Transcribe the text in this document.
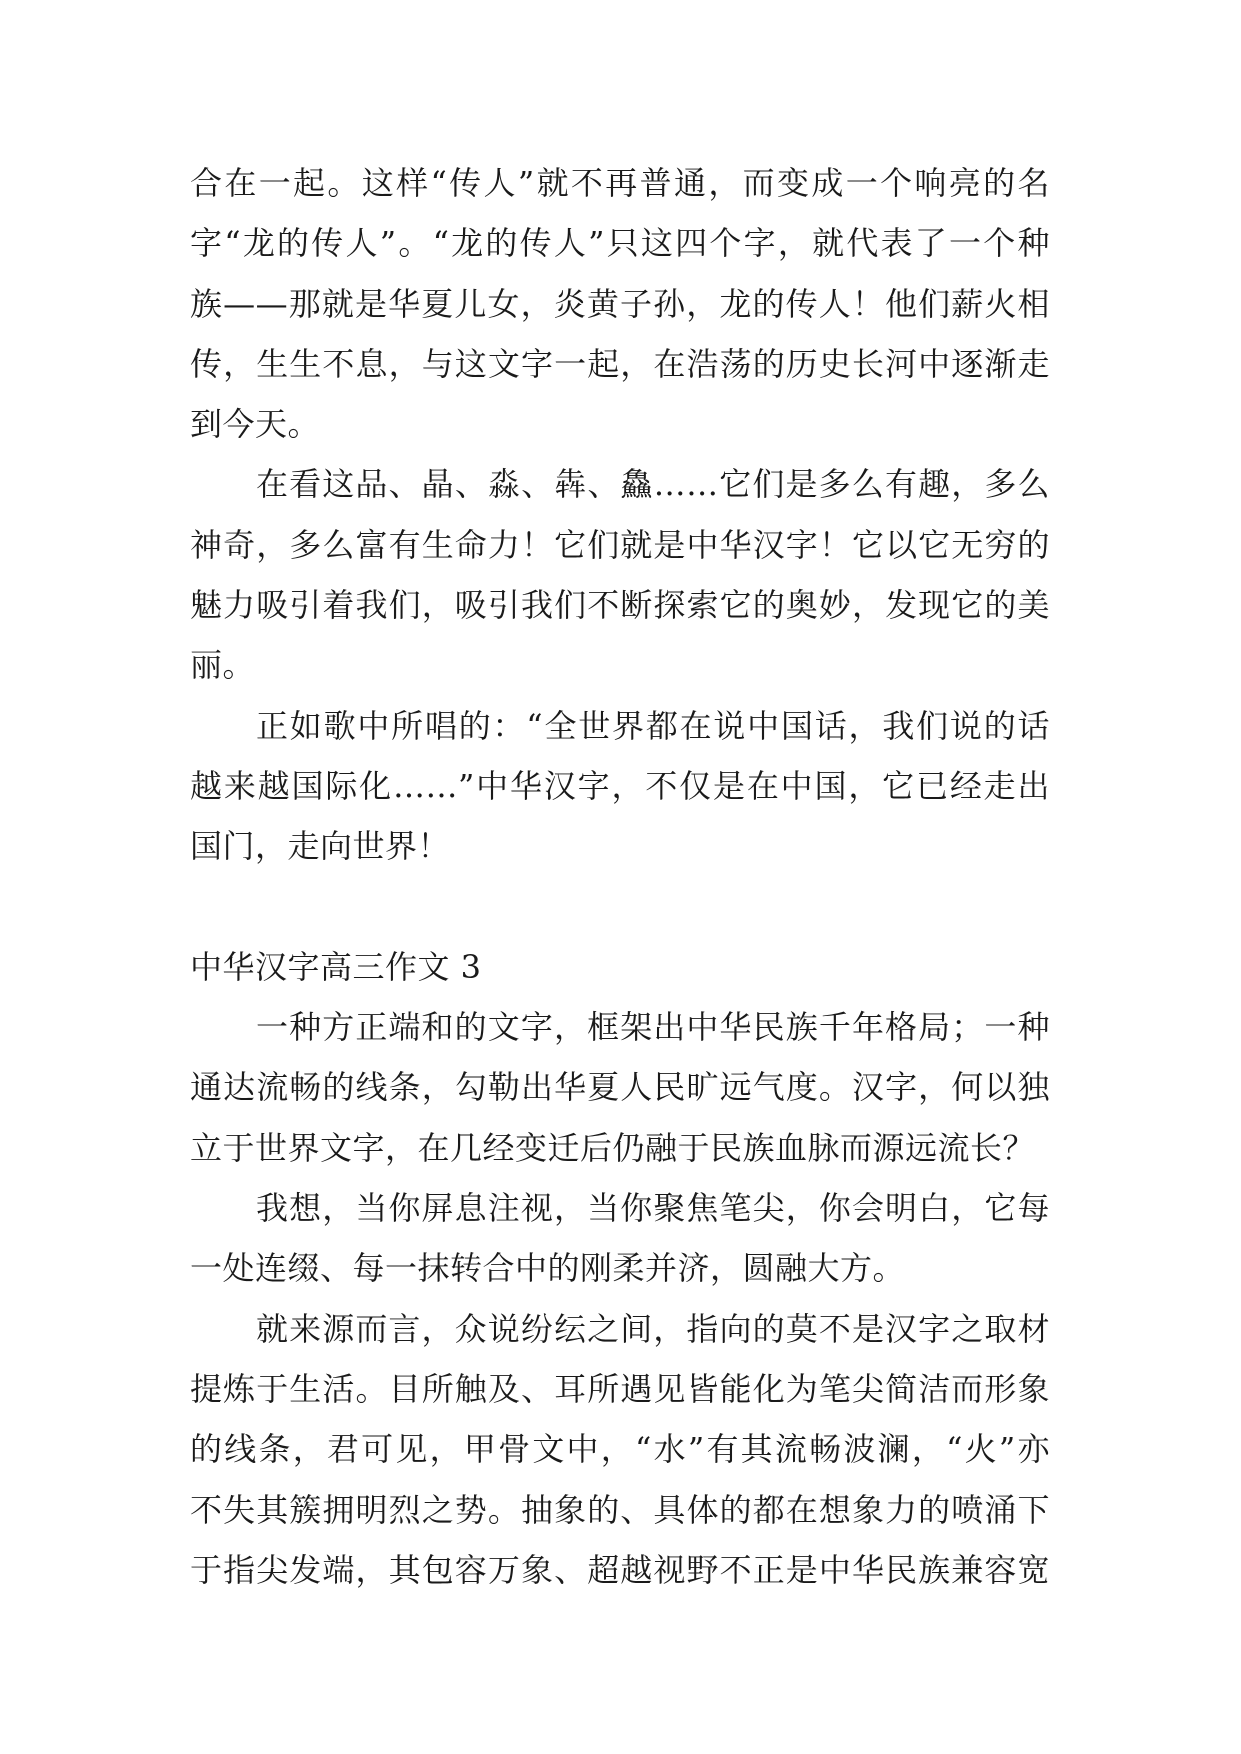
合在一起。这样“传人”就不再普通，而变成一个响亮的名
字“龙的传人”。“龙的传人”只这四个字，就代表了一个种
族——那就是华夏儿女，炎黄子孙，龙的传人！他们薪火相
传，生生不息，与这文字一起，在浩荡的历史长河中逐渐走
到今天。
在看这品、晶、淼、犇、鱻……它们是多么有趣，多么
神奇，多么富有生命力！它们就是中华汉字！它以它无穷的
魅力吸引着我们，吸引我们不断探索它的奥妙，发现它的美
丽。
正如歌中所唱的：“全世界都在说中国话，我们说的话
越来越国际化……”中华汉字，不仅是在中国，它已经走出
国门，走向世界！
中华汉字高三作文 3
一种方正端和的文字，框架出中华民族千年格局；一种
通达流畅的线条，勾勒出华夏人民旷远气度。汉字，何以独
立于世界文字，在几经变迁后仍融于民族血脉而源远流长？
我想，当你屏息注视，当你聚焦笔尖，你会明白，它每
一处连缀、每一抹转合中的刚柔并济，圆融大方。
就来源而言，众说纷纭之间，指向的莫不是汉字之取材
提炼于生活。目所触及、耳所遇见皆能化为笔尖简洁而形象
的线条，君可见，甲骨文中，“水”有其流畅波澜，“火”亦
不失其簇拥明烈之势。抽象的、具体的都在想象力的喷涌下
于指尖发端，其包容万象、超越视野不正是中华民族兼容宽
